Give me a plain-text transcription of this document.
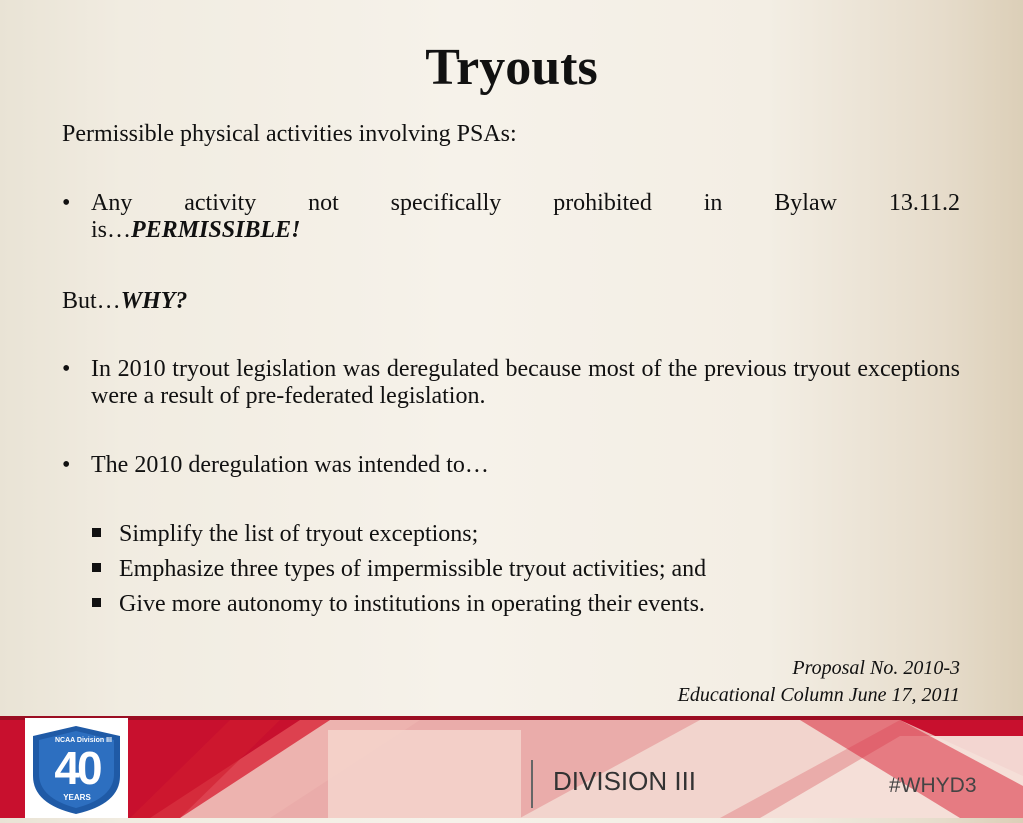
Tryouts

Permissible physical activities involving PSAs:

• Any activity not specifically prohibited in Bylaw 13.11.2
is…PERMISSIBLE!

But…WHY?

• In 2010 tryout legislation was deregulated because most of the previous tryout exceptions were a result of pre-federated legislation.
• The 2010 deregulation was intended to…

Simplify the list of tryout exceptions;

Emphasize three types of impermissible tryout activities; and

Give more autonomy to institutions in operating their events.

Proposal No. 2010-3
Educational Column June 17, 2011
NCAA Division III
40
YEARS
DIVISION III	#WHYD3
